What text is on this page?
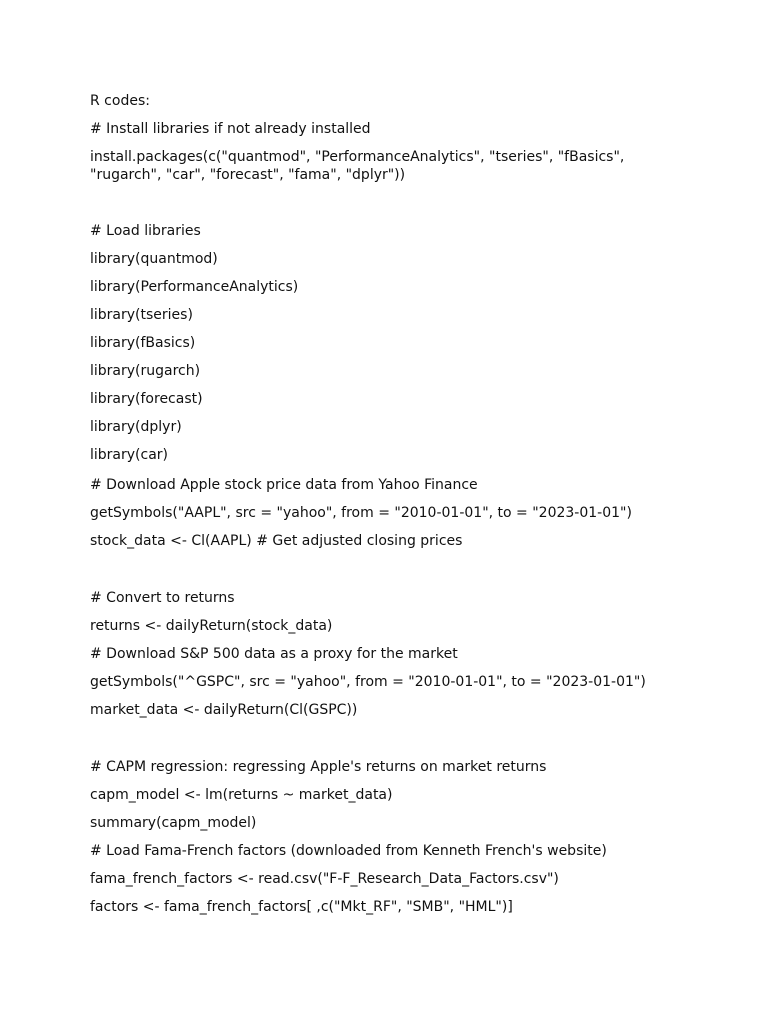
R codes:

# Install libraries if not already installed

install.packages(c("quantmod", "PerformanceAnalytics", "tseries", "fBasics", "rugarch", "car", "forecast", "fama", "dplyr"))

# Load libraries

library(quantmod)

library(PerformanceAnalytics)

library(tseries)

library(fBasics)

library(rugarch)

library(forecast)

library(dplyr)

library(car)

# Download Apple stock price data from Yahoo Finance

getSymbols("AAPL", src = "yahoo", from = "2010-01-01", to = "2023-01-01")

stock_data <- Cl(AAPL) # Get adjusted closing prices

# Convert to returns

returns <- dailyReturn(stock_data)

# Download S&P 500 data as a proxy for the market

getSymbols("^GSPC", src = "yahoo", from = "2010-01-01", to = "2023-01-01")

market_data <- dailyReturn(Cl(GSPC))

# CAPM regression: regressing Apple's returns on market returns

capm_model <- lm(returns ~ market_data)

summary(capm_model)

# Load Fama-French factors (downloaded from Kenneth French's website)

fama_french_factors <- read.csv("F-F_Research_Data_Factors.csv")

factors <- fama_french_factors[ ,c("Mkt_RF", "SMB", "HML")]
